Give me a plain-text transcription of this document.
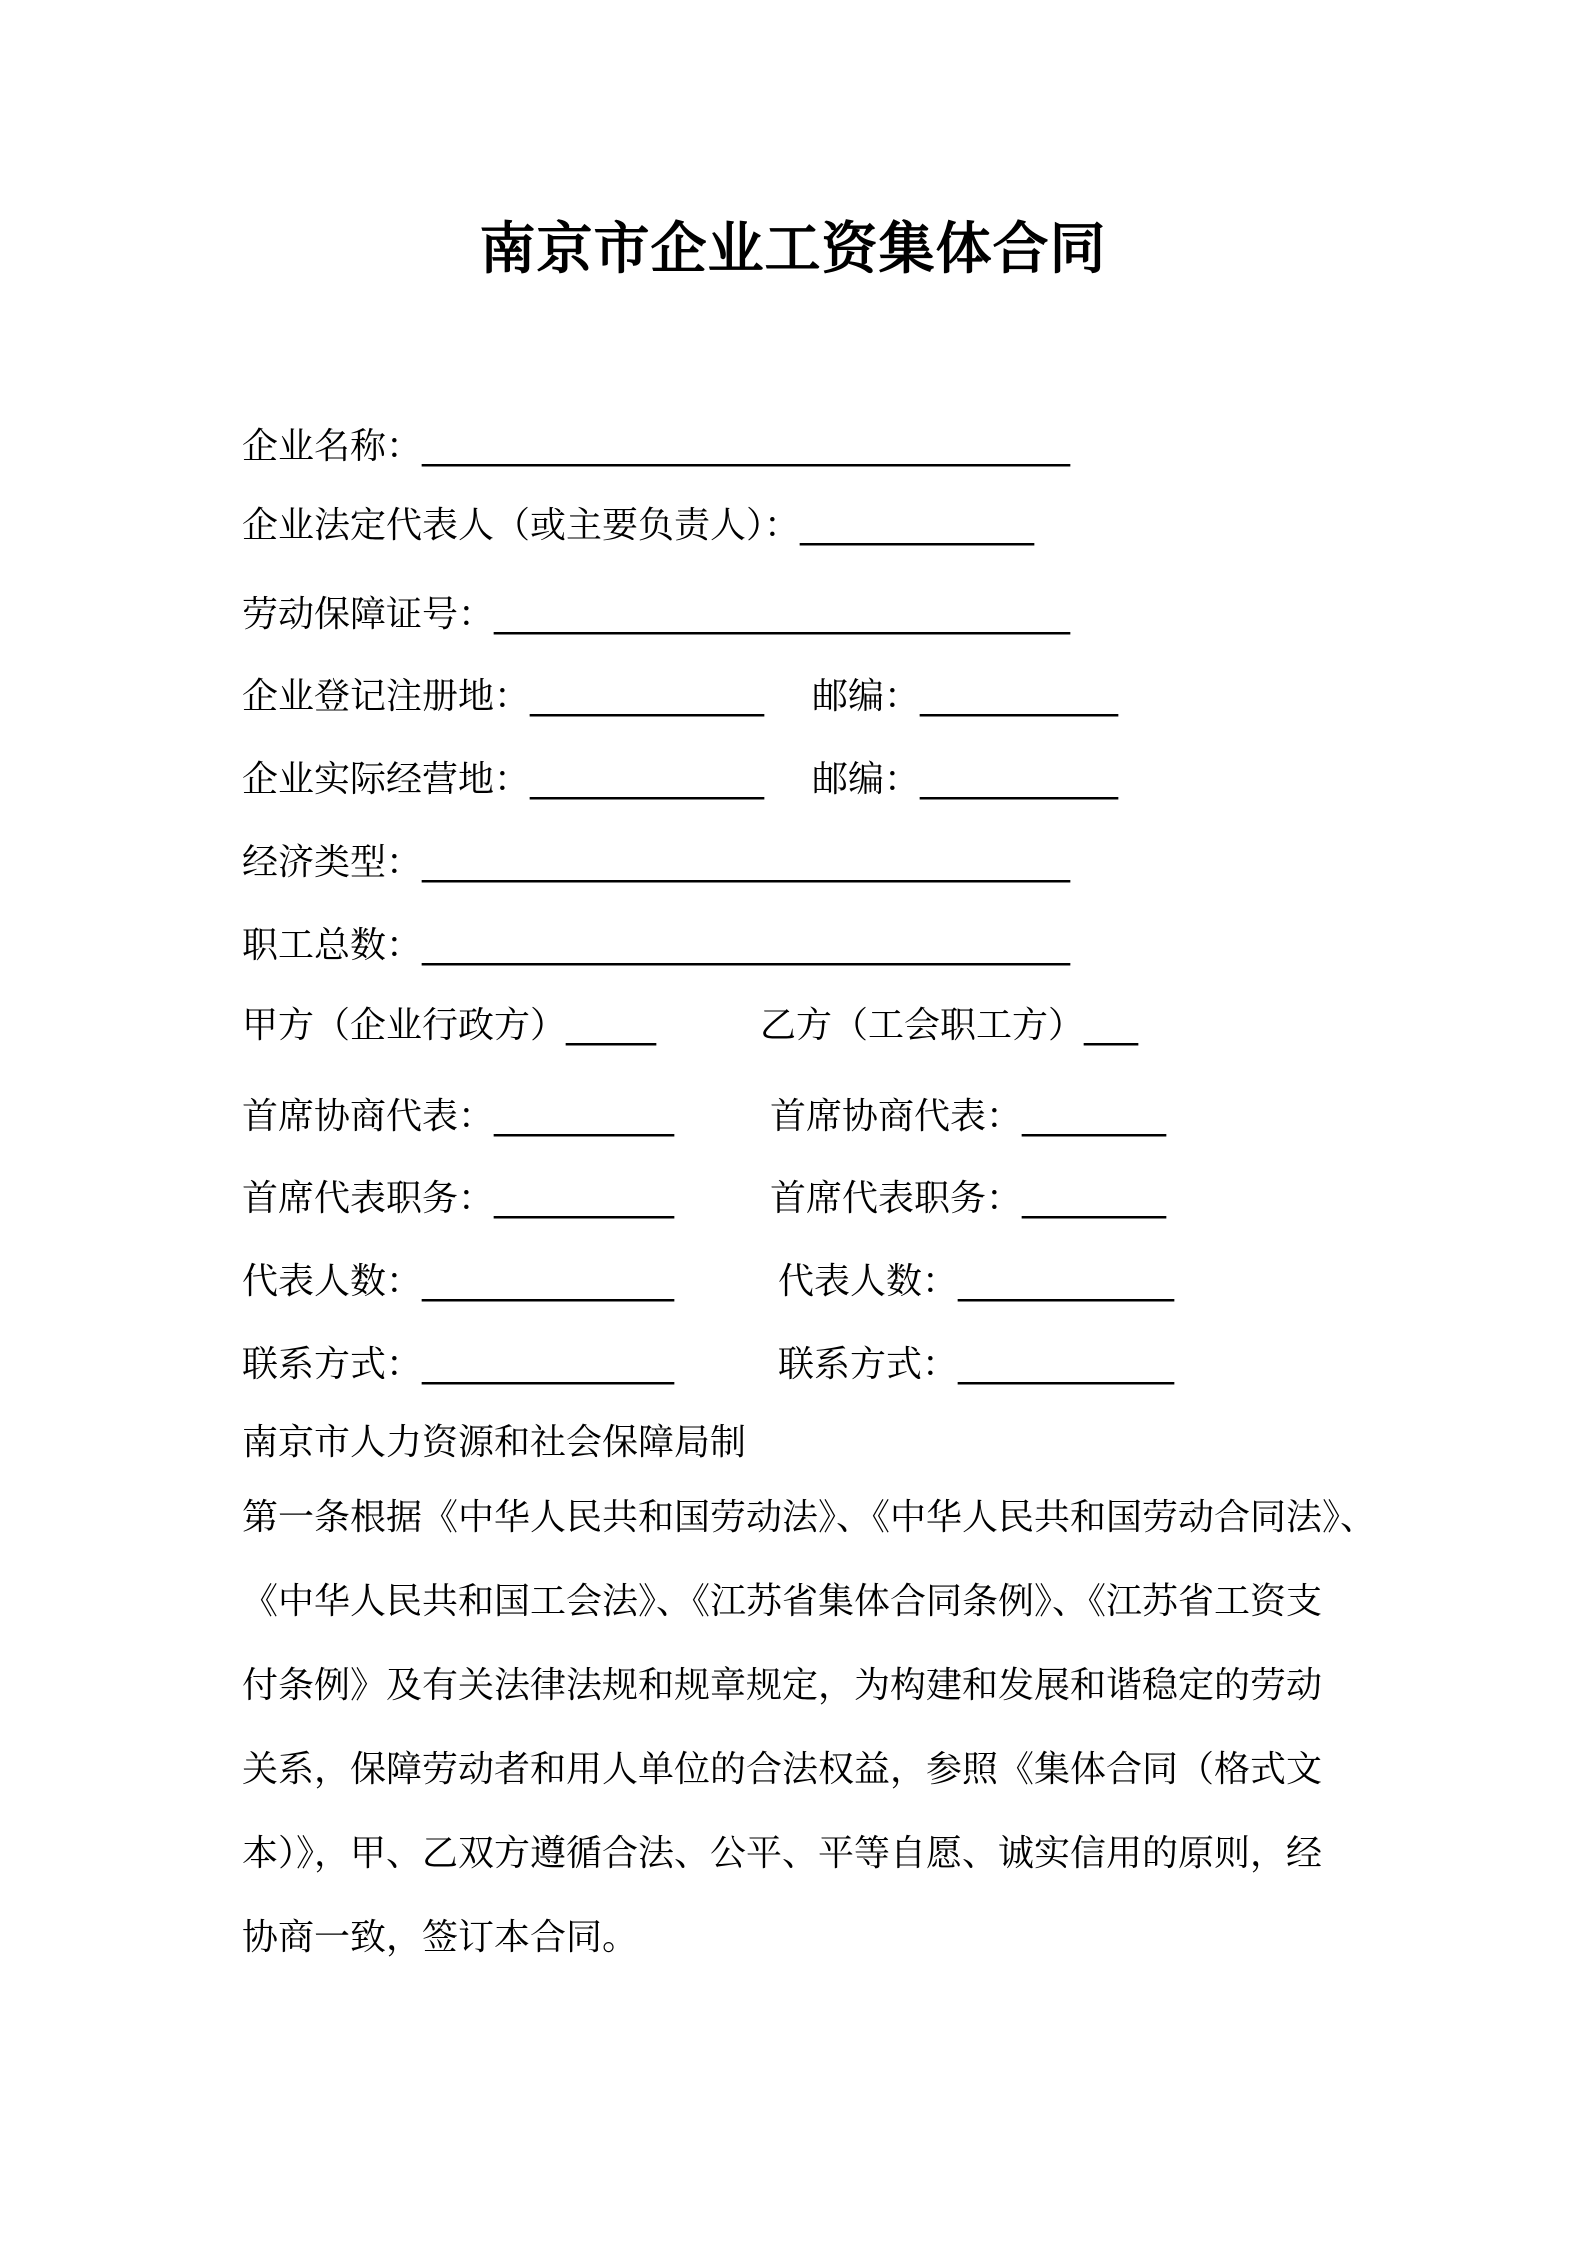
南京市企业工资集体合同
企业名称：____________________________________
企业法定代表人（或主要负责人）：_____________
劳动保障证号：________________________________
企业登记注册地：_____________ 邮编：___________
企业实际经营地：_____________ 邮编：___________
经济类型：____________________________________
职工总数：____________________________________
甲方（企业行政方）_____	乙方（工会职工方）___
首席协商代表：__________	首席协商代表：________
首席代表职务：__________	首席代表职务：________
代表人数：______________	代表人数：____________
联系方式：______________	联系方式：____________
南京市人力资源和社会保障局制
第一条根据《中华人民共和国劳动法》、《中华人民共和国劳动合同法》、
《中华人民共和国工会法》、《江苏省集体合同条例》、《江苏省工资支
付条例》及有关法律法规和规章规定，为构建和发展和谐稳定的劳动
关系，保障劳动者和用人单位的合法权益，参照《集体合同（格式文
本）》，甲、乙双方遵循合法、公平、平等自愿、诚实信用的原则，经
协商一致，签订本合同。
